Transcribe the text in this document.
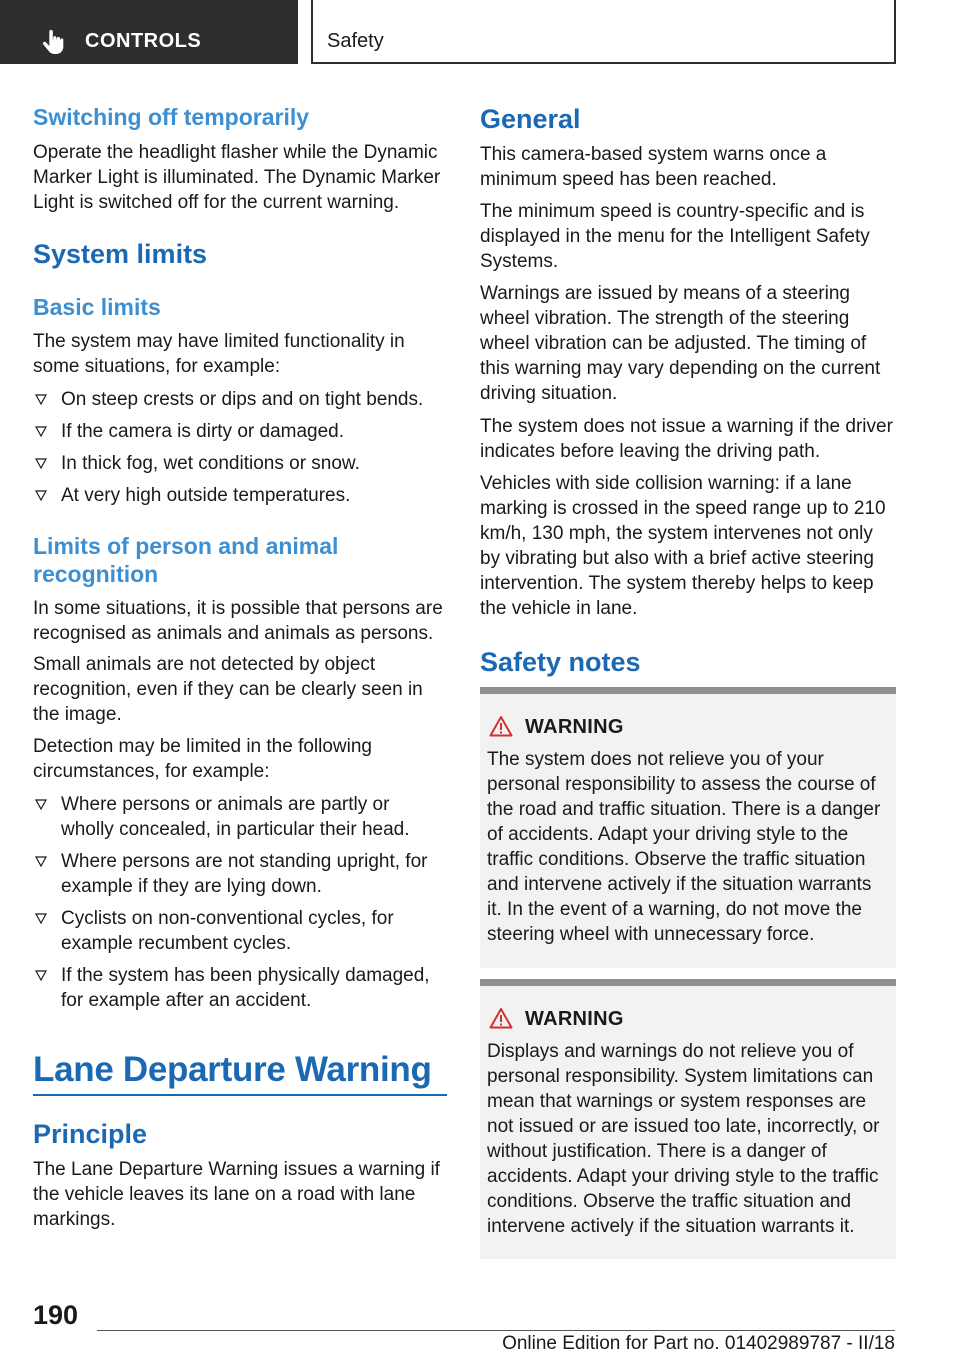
CONTROLS	Safety
Switching off temporarily
Operate the headlight flasher while the Dynamic Marker Light is illuminated. The Dynamic Marker Light is switched off for the current warning.
System limits
Basic limits
The system may have limited functionality in some situations, for example:
On steep crests or dips and on tight bends.
If the camera is dirty or damaged.
In thick fog, wet conditions or snow.
At very high outside temperatures.
Limits of person and animal recognition
In some situations, it is possible that persons are recognised as animals and animals as persons.
Small animals are not detected by object recognition, even if they can be clearly seen in the image.
Detection may be limited in the following circumstances, for example:
Where persons or animals are partly or wholly concealed, in particular their head.
Where persons are not standing upright, for example if they are lying down.
Cyclists on non-conventional cycles, for example recumbent cycles.
If the system has been physically damaged, for example after an accident.
Lane Departure Warning
Principle
The Lane Departure Warning issues a warning if the vehicle leaves its lane on a road with lane markings.
General
This camera-based system warns once a minimum speed has been reached.
The minimum speed is country-specific and is displayed in the menu for the Intelligent Safety Systems.
Warnings are issued by means of a steering wheel vibration. The strength of the steering wheel vibration can be adjusted. The timing of this warning may vary depending on the current driving situation.
The system does not issue a warning if the driver indicates before leaving the driving path.
Vehicles with side collision warning: if a lane marking is crossed in the speed range up to 210 km/h, 130 mph, the system intervenes not only by vibrating but also with a brief active steering intervention. The system thereby helps to keep the vehicle in lane.
Safety notes
WARNING
The system does not relieve you of your personal responsibility to assess the course of the road and traffic situation. There is a danger of accidents. Adapt your driving style to the traffic conditions. Observe the traffic situation and intervene actively if the situation warrants it. In the event of a warning, do not move the steering wheel with unnecessary force.
WARNING
Displays and warnings do not relieve you of personal responsibility. System limitations can mean that warnings or system responses are not issued or are issued too late, incorrectly, or without justification. There is a danger of accidents. Adapt your driving style to the traffic conditions. Observe the traffic situation and intervene actively if the situation warrants it.
190
Online Edition for Part no. 01402989787 - II/18
